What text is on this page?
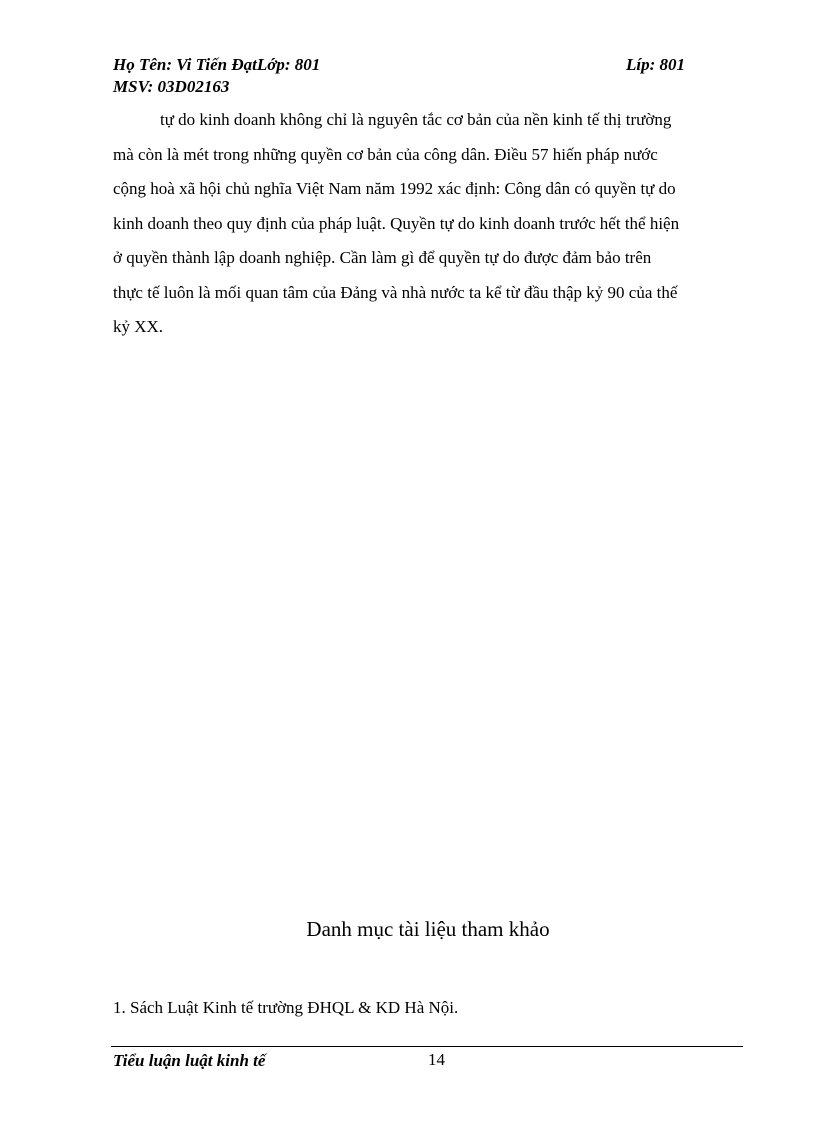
Họ Tên: Vi Tiến ĐạtLớp: 801	Líp: 801
MSV: 03D02163

tự do kinh doanh không chỉ là nguyên tắc cơ bản của nền kinh tế thị trường
mà còn là mét trong những quyền cơ bản của công dân. Điều 57 hiến pháp nước
cộng hoà xã hội chủ nghĩa Việt Nam năm 1992 xác định: Công dân có quyền tự do
kinh doanh theo quy định của pháp luật. Quyền tự do kinh doanh trước hết thể hiện
ở quyền thành lập doanh nghiệp. Cần làm gì để quyền tự do được đảm bảo trên
thực tế luôn là mối quan tâm của Đảng và nhà nước ta kể từ đầu thập kỷ 90 của thế
kỷ XX.

Danh mục tài liệu tham khảo
1. Sách Luật Kinh tế trường ĐHQL & KD Hà Nội.
Tiểu luận luật kinh tế	14
